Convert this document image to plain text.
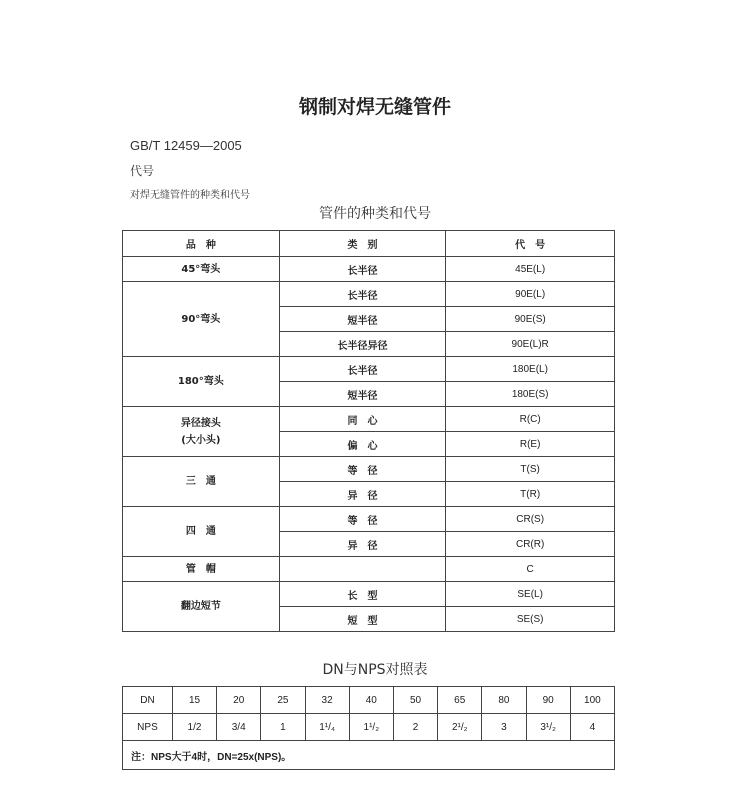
钢制对焊无缝管件
GB/T 12459—2005
代号
对焊无缝管件的种类和代号
管件的种类和代号
品　种	类　别	代　号
45°弯头	长半径	45E(L)
90°弯头	长半径	90E(L)
	短半径	90E(S)
	长半径异径	90E(L)R
180°弯头	长半径	180E(L)
	短半径	180E(S)
异径接头
(大小头)	同　心	R(C)
	偏　心	R(E)
三　通	等　径	T(S)
	异　径	T(R)
四　通	等　径	CR(S)
	异　径	CR(R)
管　帽		C
翻边短节	长　型	SE(L)
	短　型	SE(S)
DN与NPS对照表
DN	15	20	25	32	40	50	65	80	90	100
NPS	1/2	3/4	1	1¹/₄	1¹/₂	2	2¹/₂	3	3¹/₂	4
注：NPS大于4时，DN=25x(NPS)。										
